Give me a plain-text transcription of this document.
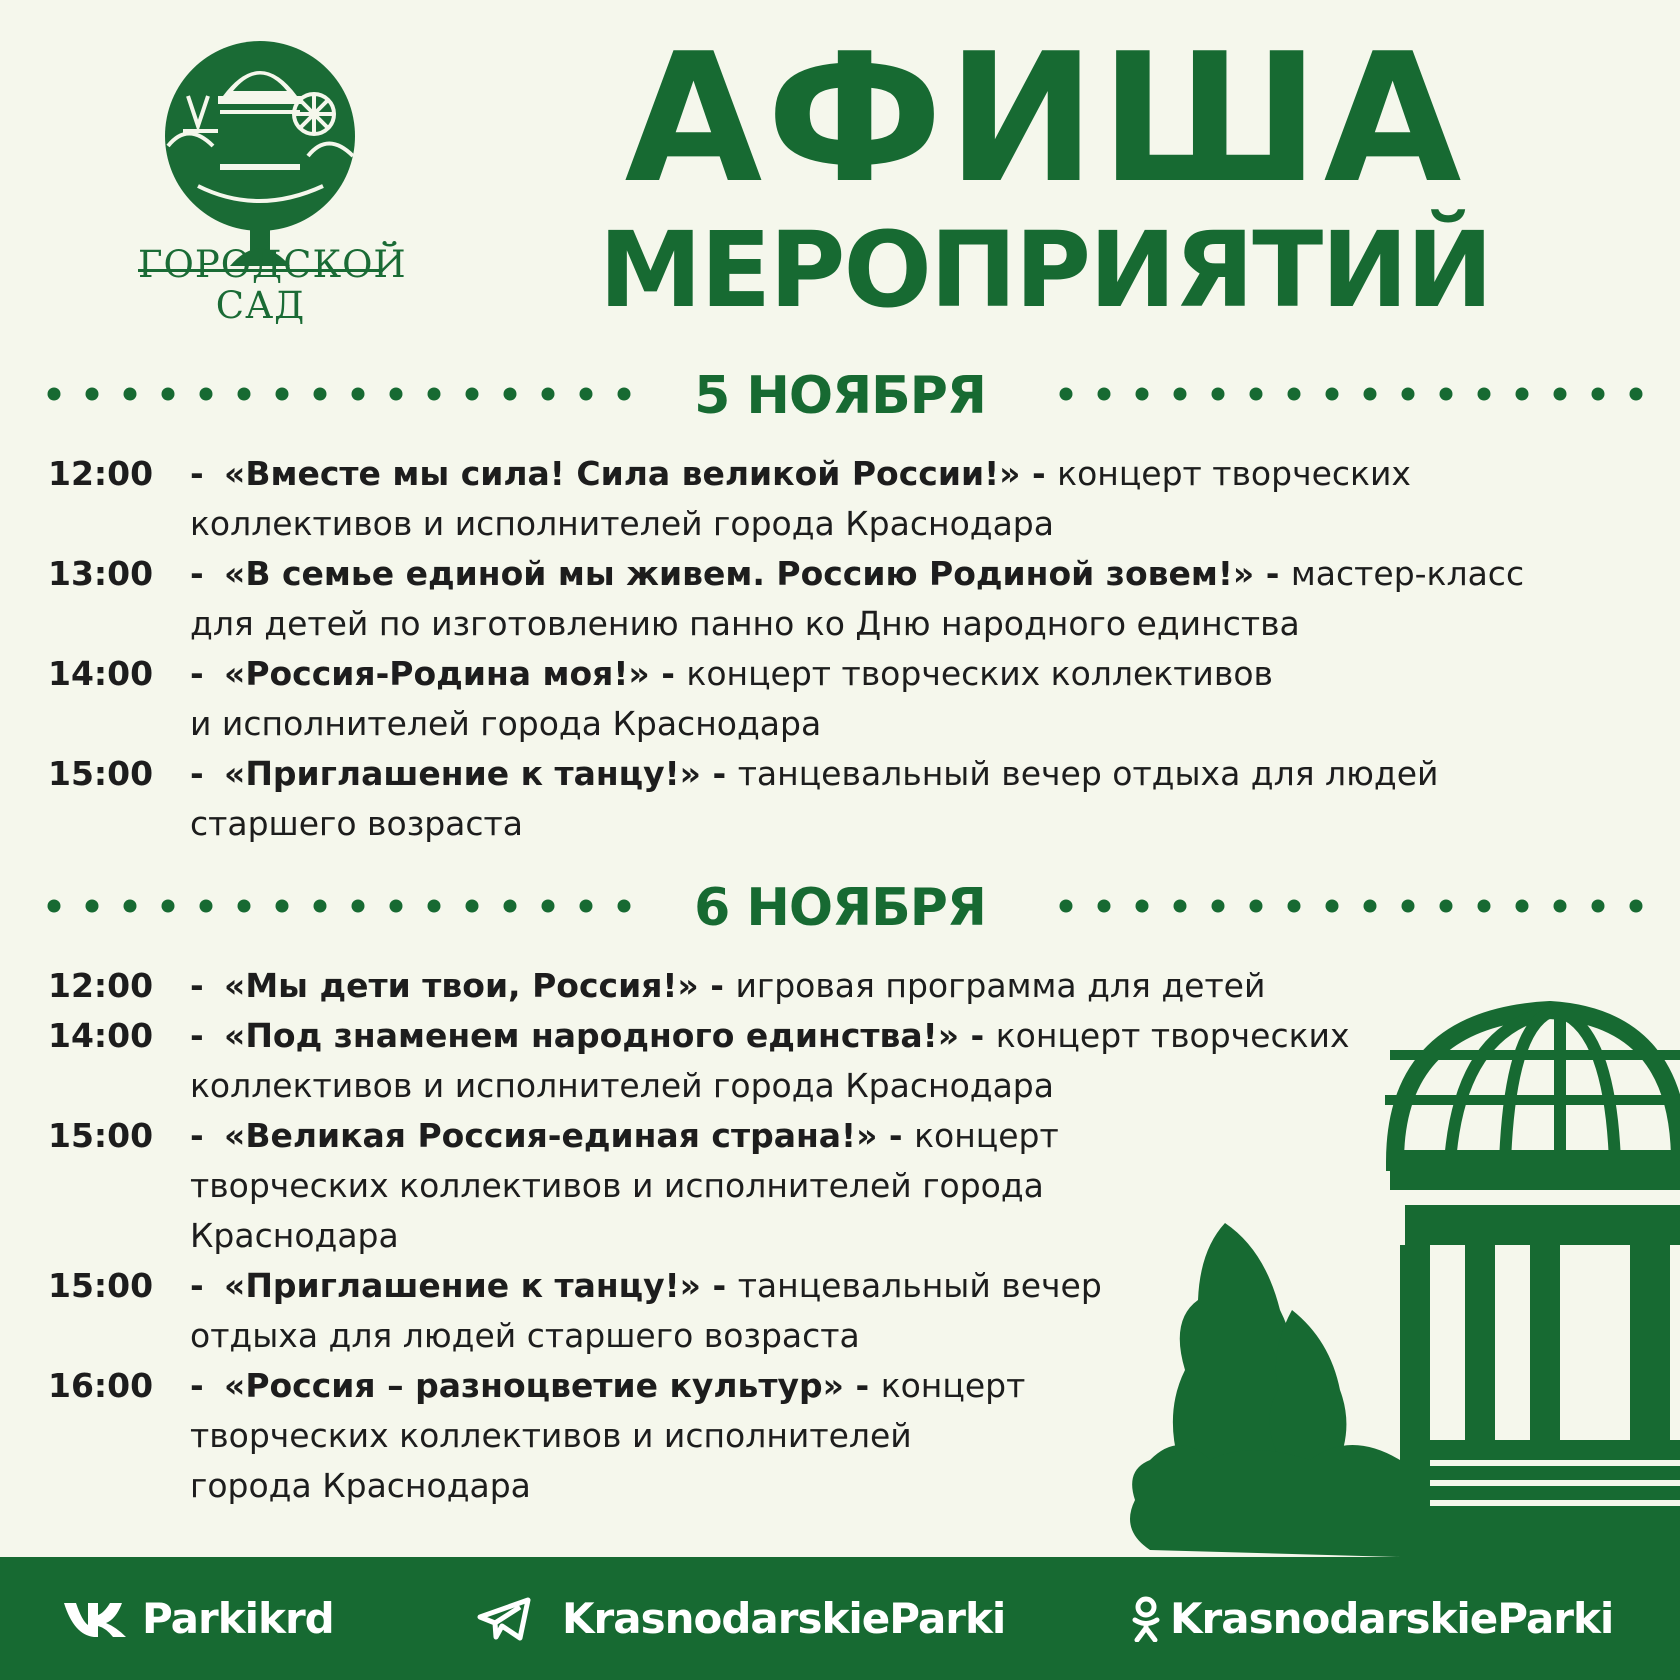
ГОРОДСКОЙ
САД
АФИША
МЕРОПРИЯТИЙ
5 НОЯБРЯ
12:00 - «Вместе мы сила! Сила великой России!» - концерт творческих
коллективов и исполнителей города Краснодара
13:00 - «В семье единой мы живем. Россию Родиной зовем!» - мастер-класс
для детей по изготовлению панно ко Дню народного единства
14:00 - «Россия-Родина моя!» - концерт творческих коллективов
и исполнителей города Краснодара
15:00 - «Приглашение к танцу!» - танцевальный вечер отдыха для людей
старшего возраста
6 НОЯБРЯ
12:00 - «Мы дети твои, Россия!» - игровая программа для детей
14:00 - «Под знаменем народного единства!» - концерт творческих
коллективов и исполнителей города Краснодара
15:00 - «Великая Россия-единая страна!» - концерт
творческих коллективов и исполнителей города
Краснодара
15:00 - «Приглашение к танцу!» - танцевальный вечер
отдыха для людей старшего возраста
16:00 - «Россия – разноцветие культур» - концерт
творческих коллективов и исполнителей
города Краснодара
Parkikrd	KrasnodarskieParki	KrasnodarskieParki
